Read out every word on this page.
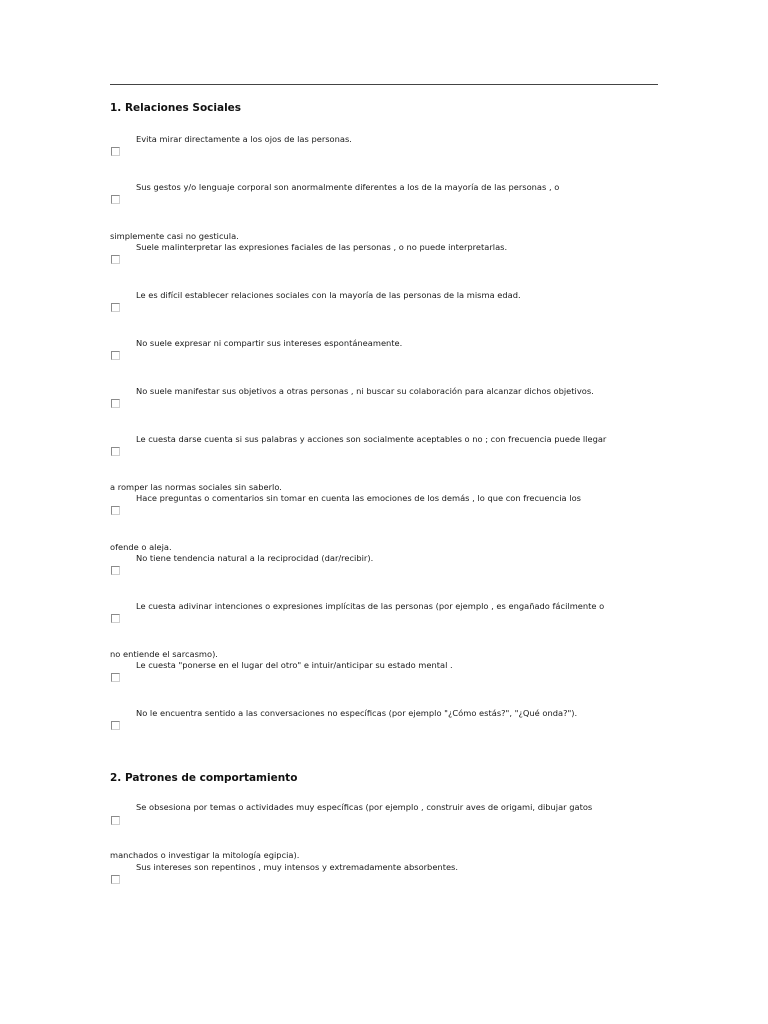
1. Relaciones Sociales
Evita mirar directamente a los ojos de las personas.
Sus gestos y/o lenguaje corporal son anormalmente diferentes a los de la mayoría de las personas , o
simplemente casi no gesticula.
Suele malinterpretar las expresiones faciales de las personas , o no puede interpretarlas.
Le es difícil establecer relaciones sociales con la mayoría de las personas de la misma edad.
No suele expresar ni compartir sus intereses espontáneamente.
No suele manifestar sus objetivos a otras personas , ni buscar su colaboración para alcanzar dichos objetivos.
Le cuesta darse cuenta si sus palabras y acciones son socialmente aceptables o no ; con frecuencia puede llegar
a romper las normas sociales sin saberlo.
Hace preguntas o comentarios sin tomar en cuenta las emociones de los demás , lo que con frecuencia los
ofende o aleja.
No tiene tendencia natural a la reciprocidad (dar/recibir).
Le cuesta adivinar intenciones o expresiones implícitas de las personas (por ejemplo , es engañado fácilmente o
no entiende el sarcasmo).
Le cuesta "ponerse en el lugar del otro" e intuir/anticipar su estado mental .
No le encuentra sentido a las conversaciones no específicas (por ejemplo "¿Cómo estás?", "¿Qué onda?").
2. Patrones de comportamiento
Se obsesiona por temas o actividades muy específicas (por ejemplo , construir aves de origami, dibujar gatos
manchados o investigar la mitología egipcia).
Sus intereses son repentinos , muy intensos y extremadamente absorbentes.
